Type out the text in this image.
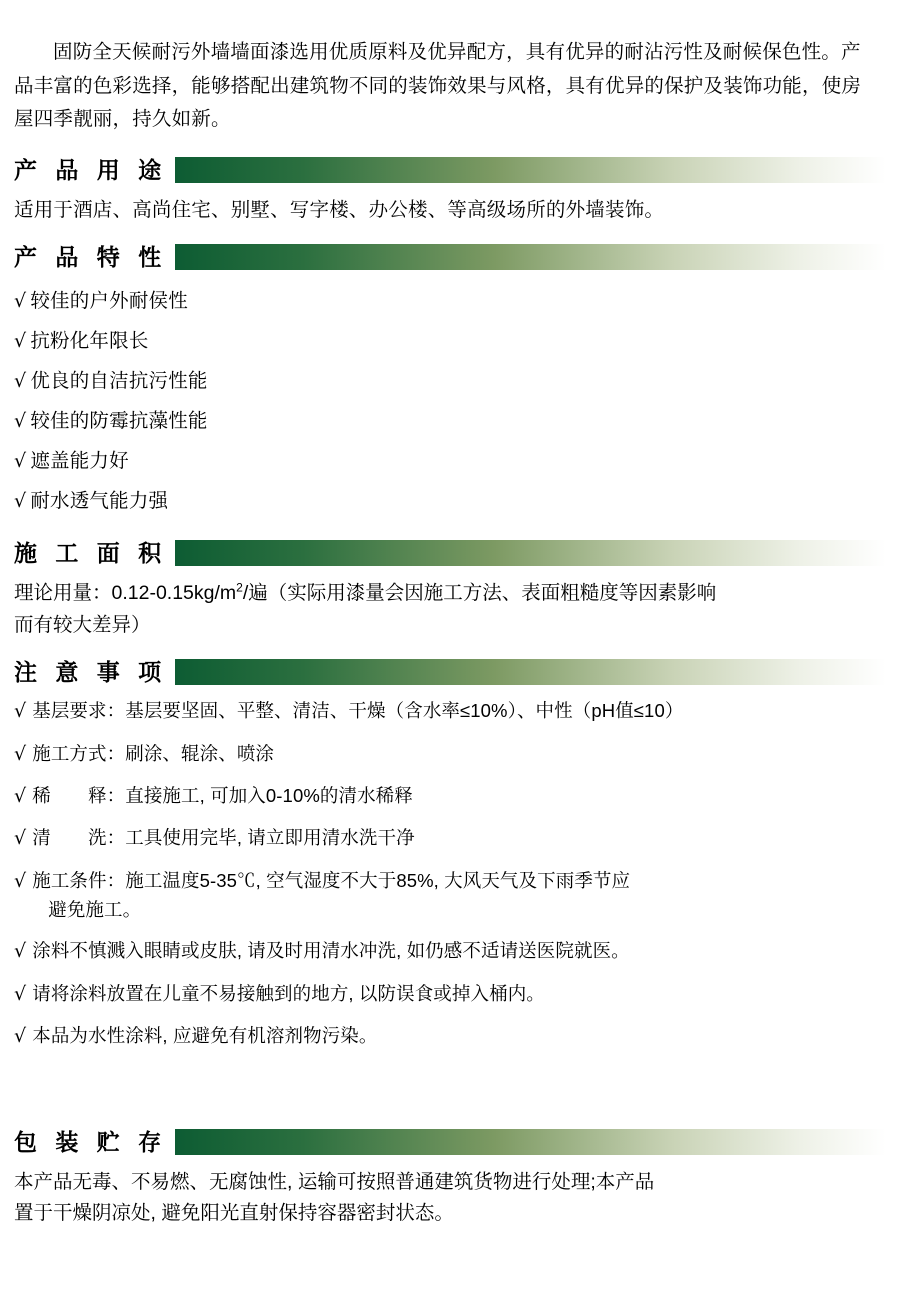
固防全天候耐污外墙墙面漆选用优质原料及优异配方，具有优异的耐沾污性及耐候保色性。产品丰富的色彩选择，能够搭配出建筑物不同的装饰效果与风格，具有优异的保护及装饰功能，使房屋四季靓丽，持久如新。

产 品 用 途
适用于酒店、高尚住宅、别墅、写字楼、办公楼、等高级场所的外墙装饰。
产 品 特 性
√ 较佳的户外耐侯性
√ 抗粉化年限长
√ 优良的自洁抗污性能
√ 较佳的防霉抗藻性能
√ 遮盖能力好
√ 耐水透气能力强
施 工 面 积
理论用量：$0.12-0.15kg/m^2/$遍（实际用漆量会因施工方法、表面粗糙度等因素影响
而有较大差异）
注 意 事 项
√ 基层要求：基层要坚固、平整、清洁、干燥（含水率≤10%）、中性（pH值≤10）
√ 施工方式：刷涂、辊涂、喷涂
√ 稀　　释：直接施工, 可加入0-10%的清水稀释
√ 清　　洗：工具使用完毕, 请立即用清水洗干净
√ 施工条件：施工温度5-35℃, 空气湿度不大于85%, 大风天气及下雨季节应
避免施工。
√ 涂料不慎溅入眼睛或皮肤, 请及时用清水冲洗, 如仍感不适请送医院就医。
√ 请将涂料放置在儿童不易接触到的地方, 以防误食或掉入桶内。
√ 本品为水性涂料, 应避免有机溶剂物污染。
包 装 贮 存
本产品无毒、不易燃、无腐蚀性, 运输可按照普通建筑货物进行处理;本产品
置于干燥阴凉处, 避免阳光直射保持容器密封状态。
